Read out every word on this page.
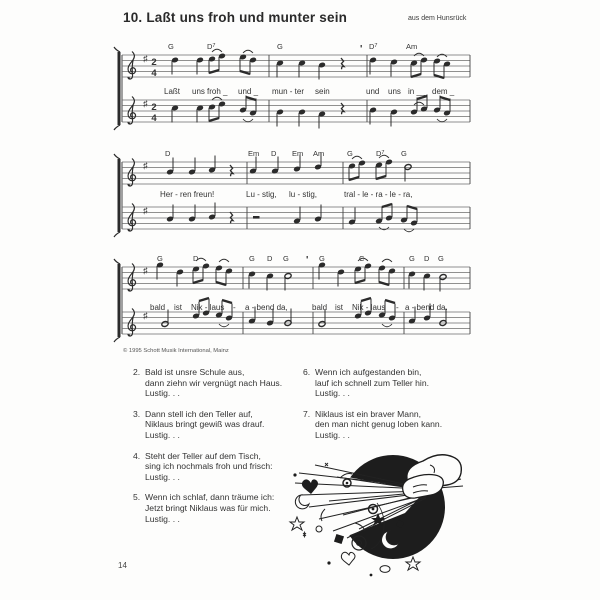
10. Laßt uns froh und munter sein	aus dem Hunsrück
♯ 2
4
'
♯ 2
4
G	$D^7$	G	$D^7$	Am
Laßt uns froh _ und _ mun - ter sein	und uns in __ dem _
♯
♯
D	Em D Em Am	G	$D^7$ G
Her - ren freun!	Lu - stig, lu - stig,	tral - le - ra - le - ra,
♯
'
♯
G	D	G D G	G	C	G D G
bald ist Nik - laus - a - bend da,	bald ist Nik - laus - a - bend da.
© 1995 Schott Musik International, Mainz
2. Bald ist unsre Schule aus,
dann ziehn wir vergnügt nach Haus.
Lustig. . .
3. Dann stell ich den Teller auf,
Niklaus bringt gewiß was drauf.
Lustig. . .
4. Steht der Teller auf dem Tisch,
sing ich nochmals froh und frisch:
Lustig. . .
5. Wenn ich schlaf, dann träume ich:
Jetzt bringt Niklaus was für mich.
Lustig. . .
6. Wenn ich aufgestanden bin,
lauf ich schnell zum Teller hin.
Lustig. . .
7. Niklaus ist ein braver Mann,
den man nicht genug loben kann.
Lustig. . .
14
